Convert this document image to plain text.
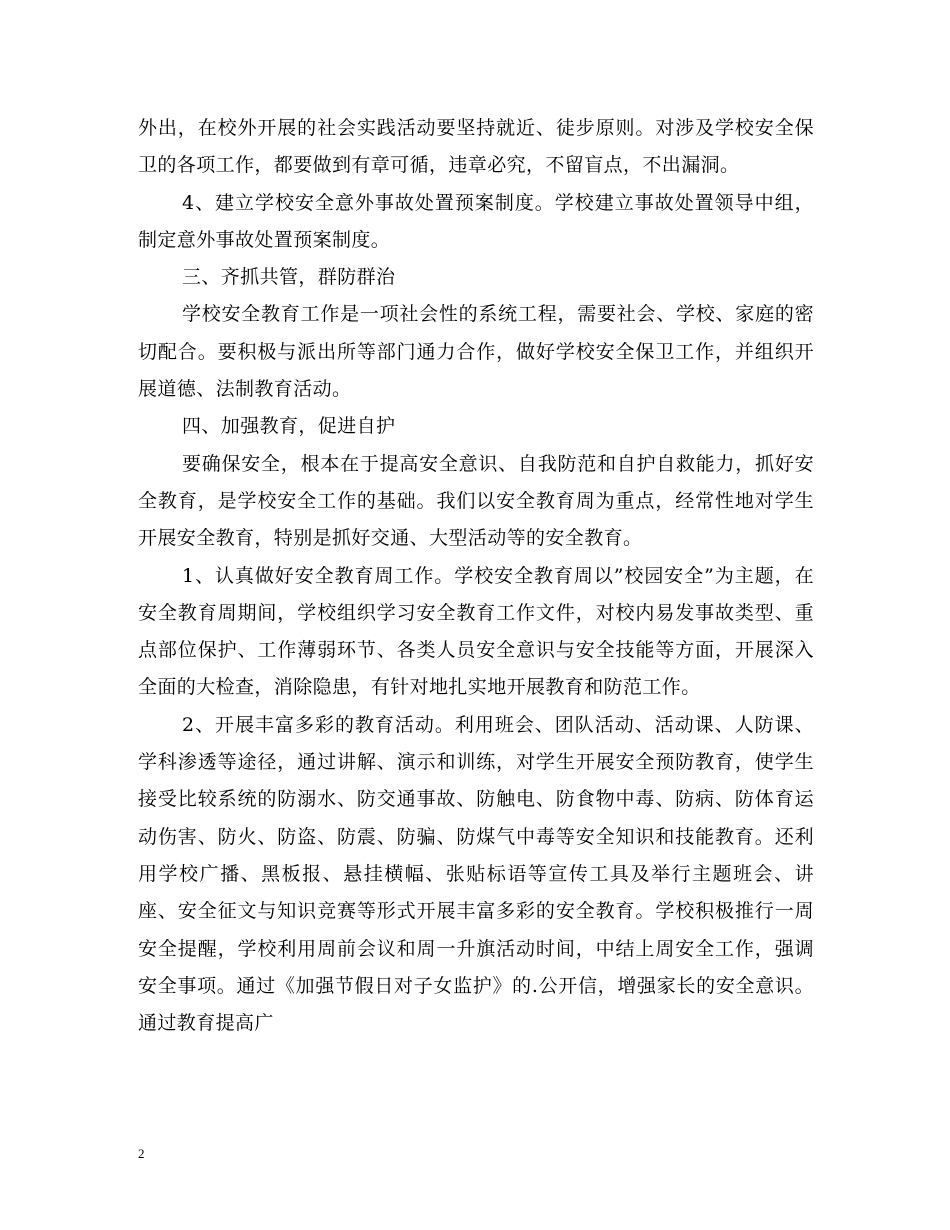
外出，在校外开展的社会实践活动要坚持就近、徒步原则。对涉及学校安全保卫的各项工作，都要做到有章可循，违章必究，不留盲点，不出漏洞。

4、建立学校安全意外事故处置预案制度。学校建立事故处置领导中组，制定意外事故处置预案制度。

三、齐抓共管，群防群治

学校安全教育工作是一项社会性的系统工程，需要社会、学校、家庭的密切配合。要积极与派出所等部门通力合作，做好学校安全保卫工作，并组织开展道德、法制教育活动。

四、加强教育，促进自护

要确保安全，根本在于提高安全意识、自我防范和自护自救能力，抓好安全教育，是学校安全工作的基础。我们以安全教育周为重点，经常性地对学生开展安全教育，特别是抓好交通、大型活动等的安全教育。

1、认真做好安全教育周工作。学校安全教育周以”校园安全”为主题，在安全教育周期间，学校组织学习安全教育工作文件，对校内易发事故类型、重点部位保护、工作薄弱环节、各类人员安全意识与安全技能等方面，开展深入全面的大检查，消除隐患，有针对地扎实地开展教育和防范工作。

2、开展丰富多彩的教育活动。利用班会、团队活动、活动课、人防课、学科渗透等途径，通过讲解、演示和训练，对学生开展安全预防教育，使学生接受比较系统的防溺水、防交通事故、防触电、防食物中毒、防病、防体育运动伤害、防火、防盗、防震、防骗、防煤气中毒等安全知识和技能教育。还利用学校广播、黑板报、悬挂横幅、张贴标语等宣传工具及举行主题班会、讲座、安全征文与知识竞赛等形式开展丰富多彩的安全教育。学校积极推行一周安全提醒，学校利用周前会议和周一升旗活动时间，中结上周安全工作，强调安全事项。通过《加强节假日对子女监护》的.公开信，增强家长的安全意识。通过教育提高广

2
